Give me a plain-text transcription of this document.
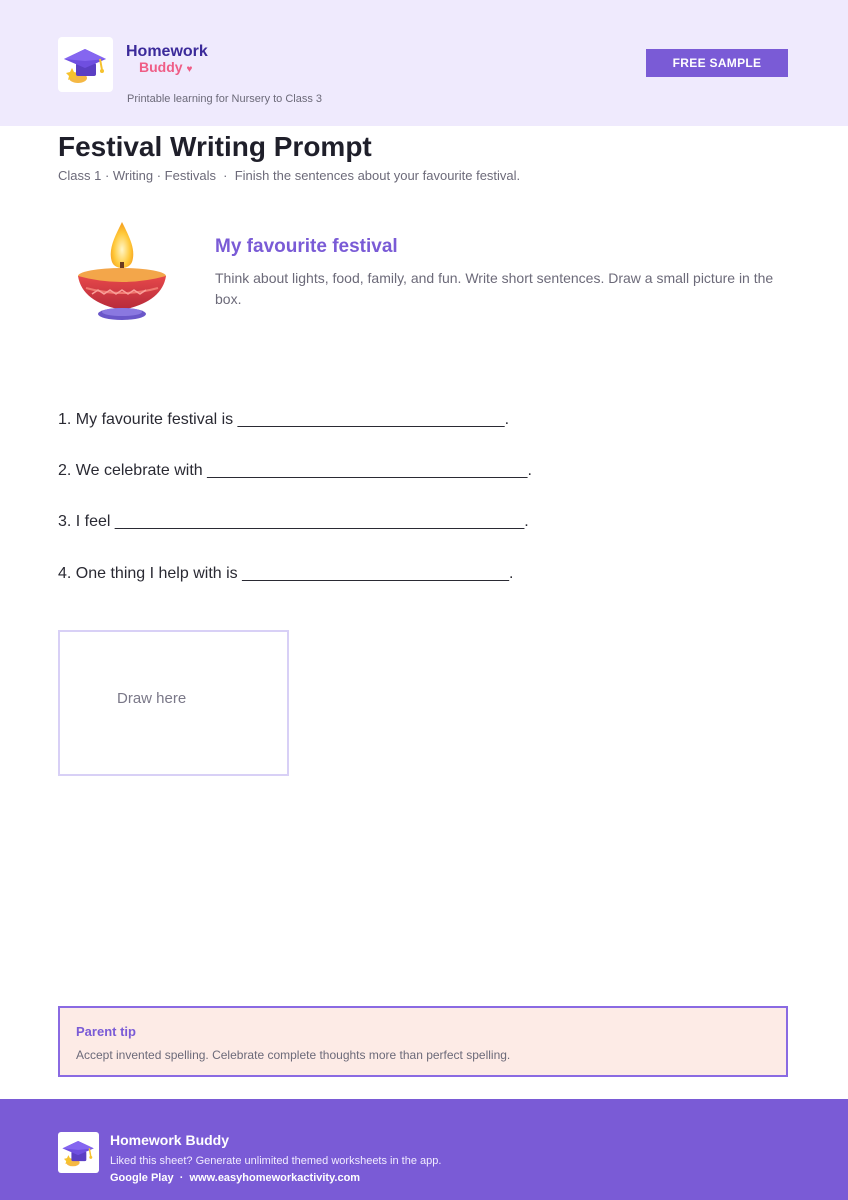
Homework
Buddy ♥
Printable learning for Nursery to Class 3
FREE SAMPLE
Festival Writing Prompt
Class 1 · Writing · Festivals  ·  Finish the sentences about your favourite festival.
My favourite festival
Think about lights, food, family, and fun. Write short sentences. Draw a small picture in the box.
1. My favourite festival is ______________________________.
2. We celebrate with ____________________________________.
3. I feel ______________________________________________.
4. One thing I help with is ______________________________.
Draw here
Parent tip
Accept invented spelling. Celebrate complete thoughts more than perfect spelling.
Homework Buddy
Liked this sheet? Generate unlimited themed worksheets in the app.
Google Play · www.easyhomeworkactivity.com
